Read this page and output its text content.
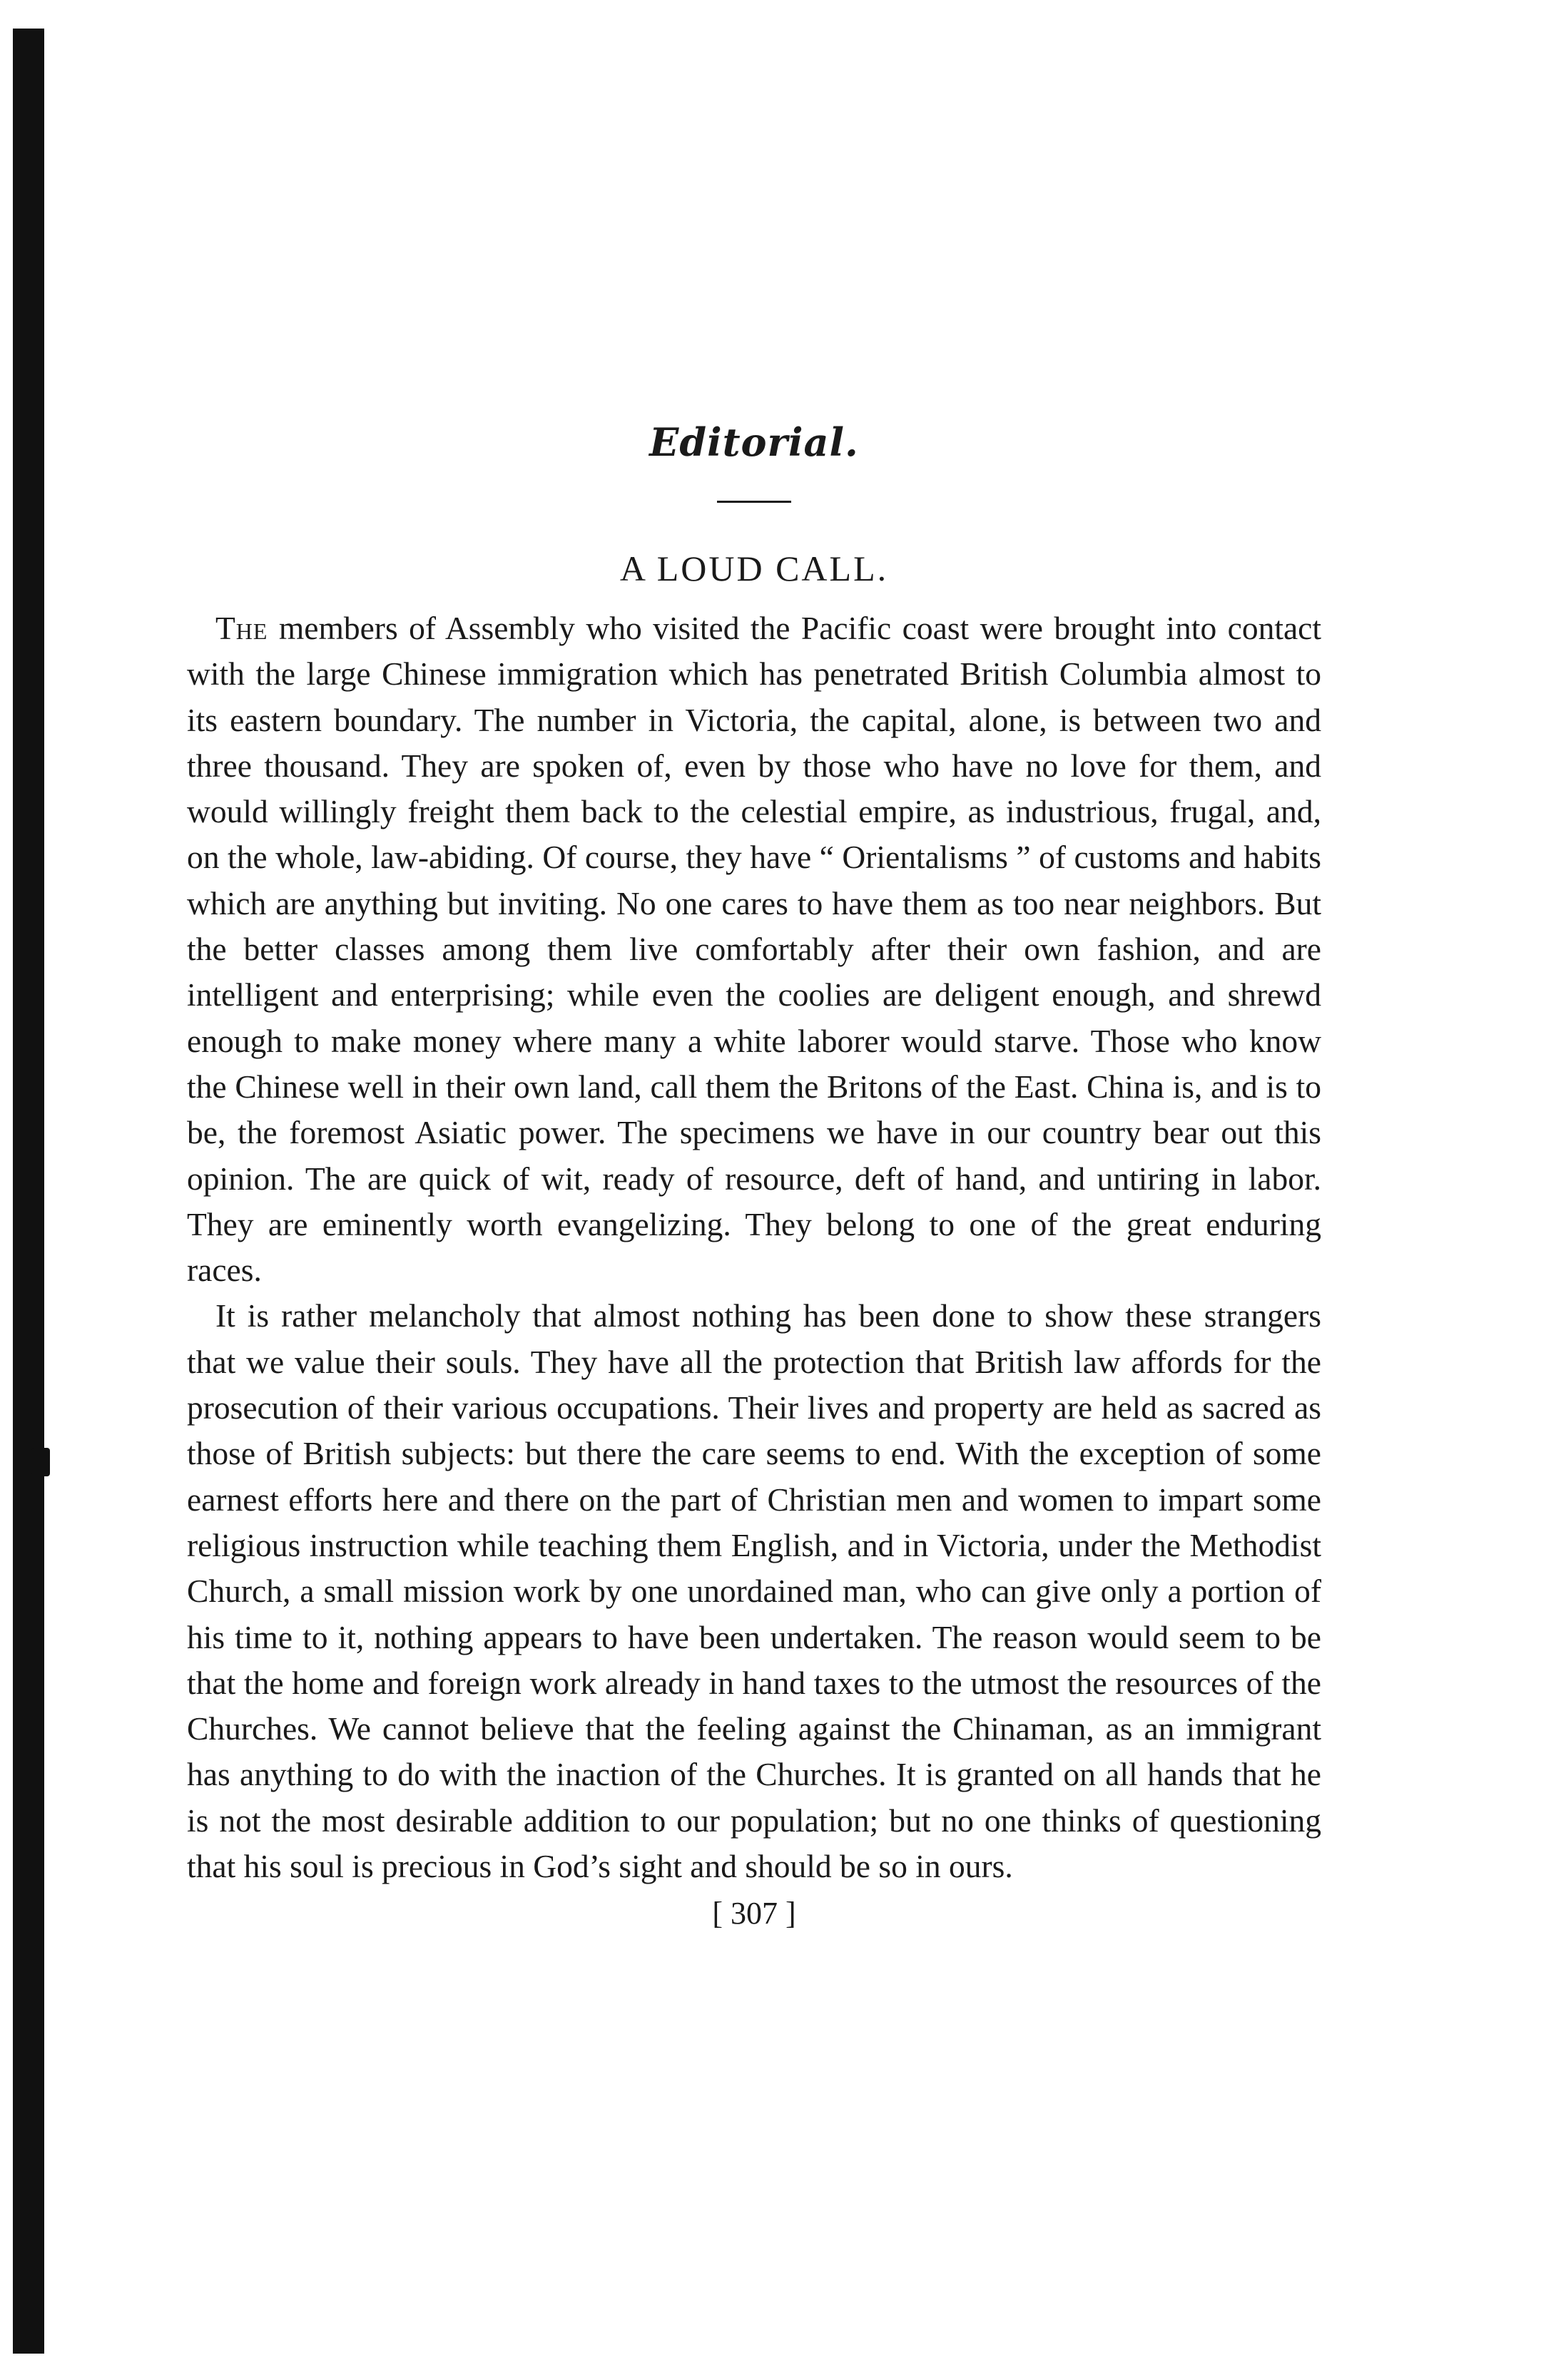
Editorial.
A LOUD CALL.

The members of Assembly who visited the Pacific coast were brought into contact with the large Chinese immigration which has penetrated British Columbia almost to its eastern boundary. The number in Victoria, the capital, alone, is between two and three thousand. They are spoken of, even by those who have no love for them, and would willingly freight them back to the celestial empire, as industrious, frugal, and, on the whole, law-abiding. Of course, they have “ Orientalisms ” of customs and habits which are anything but inviting. No one cares to have them as too near neighbors. But the better classes among them live comfortably after their own fashion, and are intelligent and enterprising; while even the coolies are deligent enough, and shrewd enough to make money where many a white laborer would starve. Those who know the Chinese well in their own land, call them the Britons of the East. China is, and is to be, the foremost Asiatic power. The specimens we have in our country bear out this opinion. The are quick of wit, ready of resource, deft of hand, and untiring in labor. They are eminently worth evangelizing. They belong to one of the great enduring races.

It is rather melancholy that almost nothing has been done to show these strangers that we value their souls. They have all the protection that British law affords for the prosecution of their various occupations. Their lives and property are held as sacred as those of British subjects: but there the care seems to end. With the exception of some earnest efforts here and there on the part of Christian men and women to impart some religious instruction while teaching them English, and in Victoria, under the Methodist Church, a small mission work by one unordained man, who can give only a portion of his time to it, nothing appears to have been undertaken. The reason would seem to be that the home and foreign work already in hand taxes to the utmost the resources of the Churches. We cannot believe that the feeling against the Chinaman, as an immigrant has anything to do with the inaction of the Churches. It is granted on all hands that he is not the most desirable addition to our population; but no one thinks of questioning that his soul is precious in God’s sight and should be so in ours.

[ 307 ]
